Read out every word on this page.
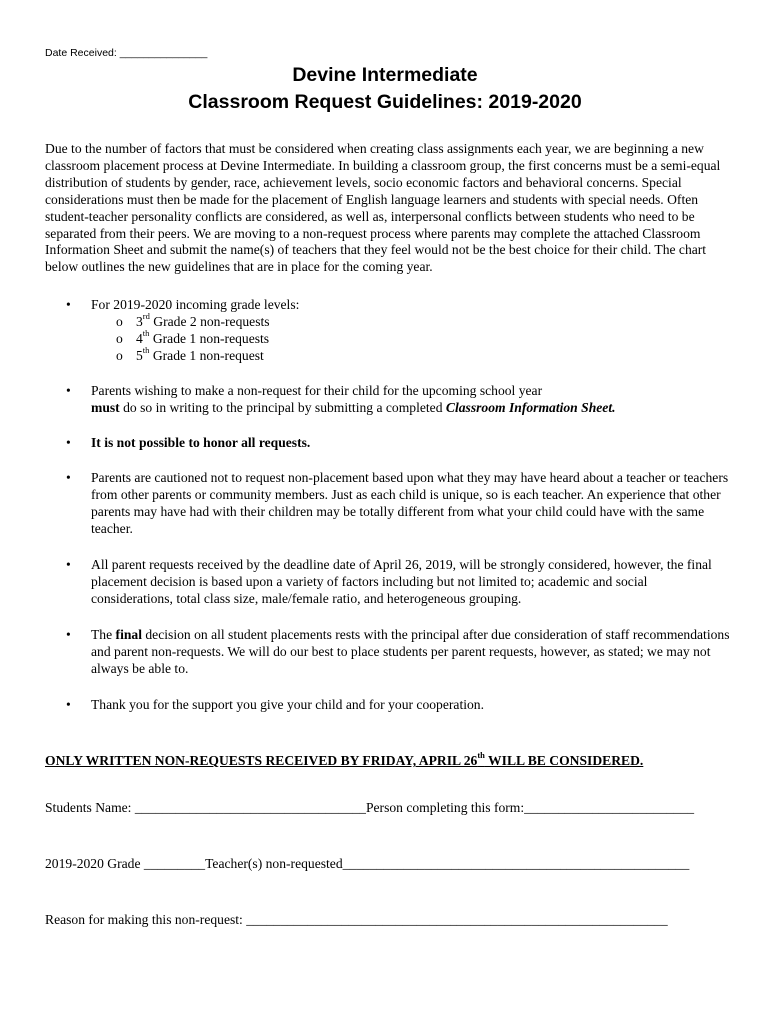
Date Received: _______________
Devine Intermediate
Classroom Request Guidelines: 2019-2020
Due to the number of factors that must be considered when creating class assignments each year, we are beginning a new classroom placement process at Devine Intermediate. In building a classroom group, the first concerns must be a semi-equal distribution of students by gender, race, achievement levels, socio economic factors and behavioral concerns. Special considerations must then be made for the placement of English language learners and students with special needs. Often student-teacher personality conflicts are considered, as well as, interpersonal conflicts between students who need to be separated from their peers. We are moving to a non-request process where parents may complete the attached Classroom Information Sheet and submit the name(s) of teachers that they feel would not be the best choice for their child. The chart below outlines the new guidelines that are in place for the coming year.
• For 2019-2020 incoming grade levels:
o 3rd Grade 2 non-requests
o 4th Grade 1 non-requests
o 5th Grade 1 non-request
• Parents wishing to make a non-request for their child for the upcoming school year
must do so in writing to the principal by submitting a completed Classroom Information Sheet.
• It is not possible to honor all requests.
• Parents are cautioned not to request non-placement based upon what they may have heard about a teacher or teachers from other parents or community members. Just as each child is unique, so is each teacher. An experience that other parents may have had with their children may be totally different from what your child could have with the same teacher.
• All parent requests received by the deadline date of April 26, 2019, will be strongly considered, however, the final placement decision is based upon a variety of factors including but not limited to; academic and social considerations, total class size, male/female ratio, and heterogeneous grouping.
• The final decision on all student placements rests with the principal after due consideration of staff recommendations and parent non-requests. We will do our best to place students per parent requests, however, as stated; we may not always be able to.
• Thank you for the support you give your child and for your cooperation.
ONLY WRITTEN NON-REQUESTS RECEIVED BY FRIDAY, APRIL 26th WILL BE CONSIDERED.
Students Name: __________________________________Person completing this form:_________________________
2019-2020 Grade _________Teacher(s) non-requested___________________________________________________
Reason for making this non-request: ______________________________________________________________
